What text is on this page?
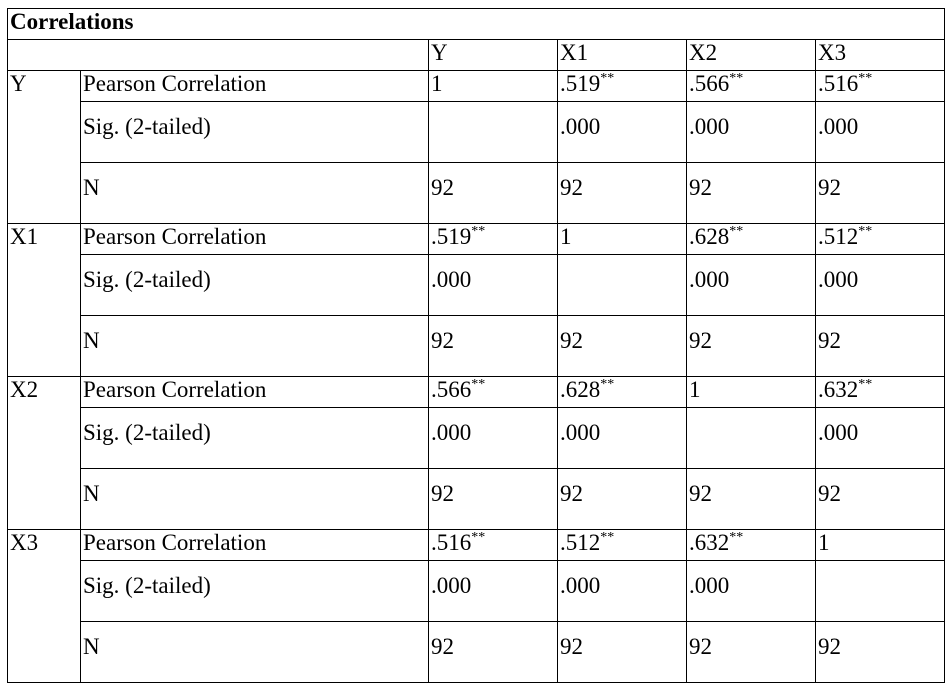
Correlations					
		Y	X1	X2	X3
Y	Pearson Correlation	1	.519**	.566**	.516**
	Sig. (2-tailed)		.000	.000	.000
	N	92	92	92	92
X1	Pearson Correlation	.519**	1	.628**	.512**
	Sig. (2-tailed)	.000		.000	.000
	N	92	92	92	92
X2	Pearson Correlation	.566**	.628**	1	.632**
	Sig. (2-tailed)	.000	.000		.000
	N	92	92	92	92
X3	Pearson Correlation	.516**	.512**	.632**	1
	Sig. (2-tailed)	.000	.000	.000	
	N	92	92	92	92
